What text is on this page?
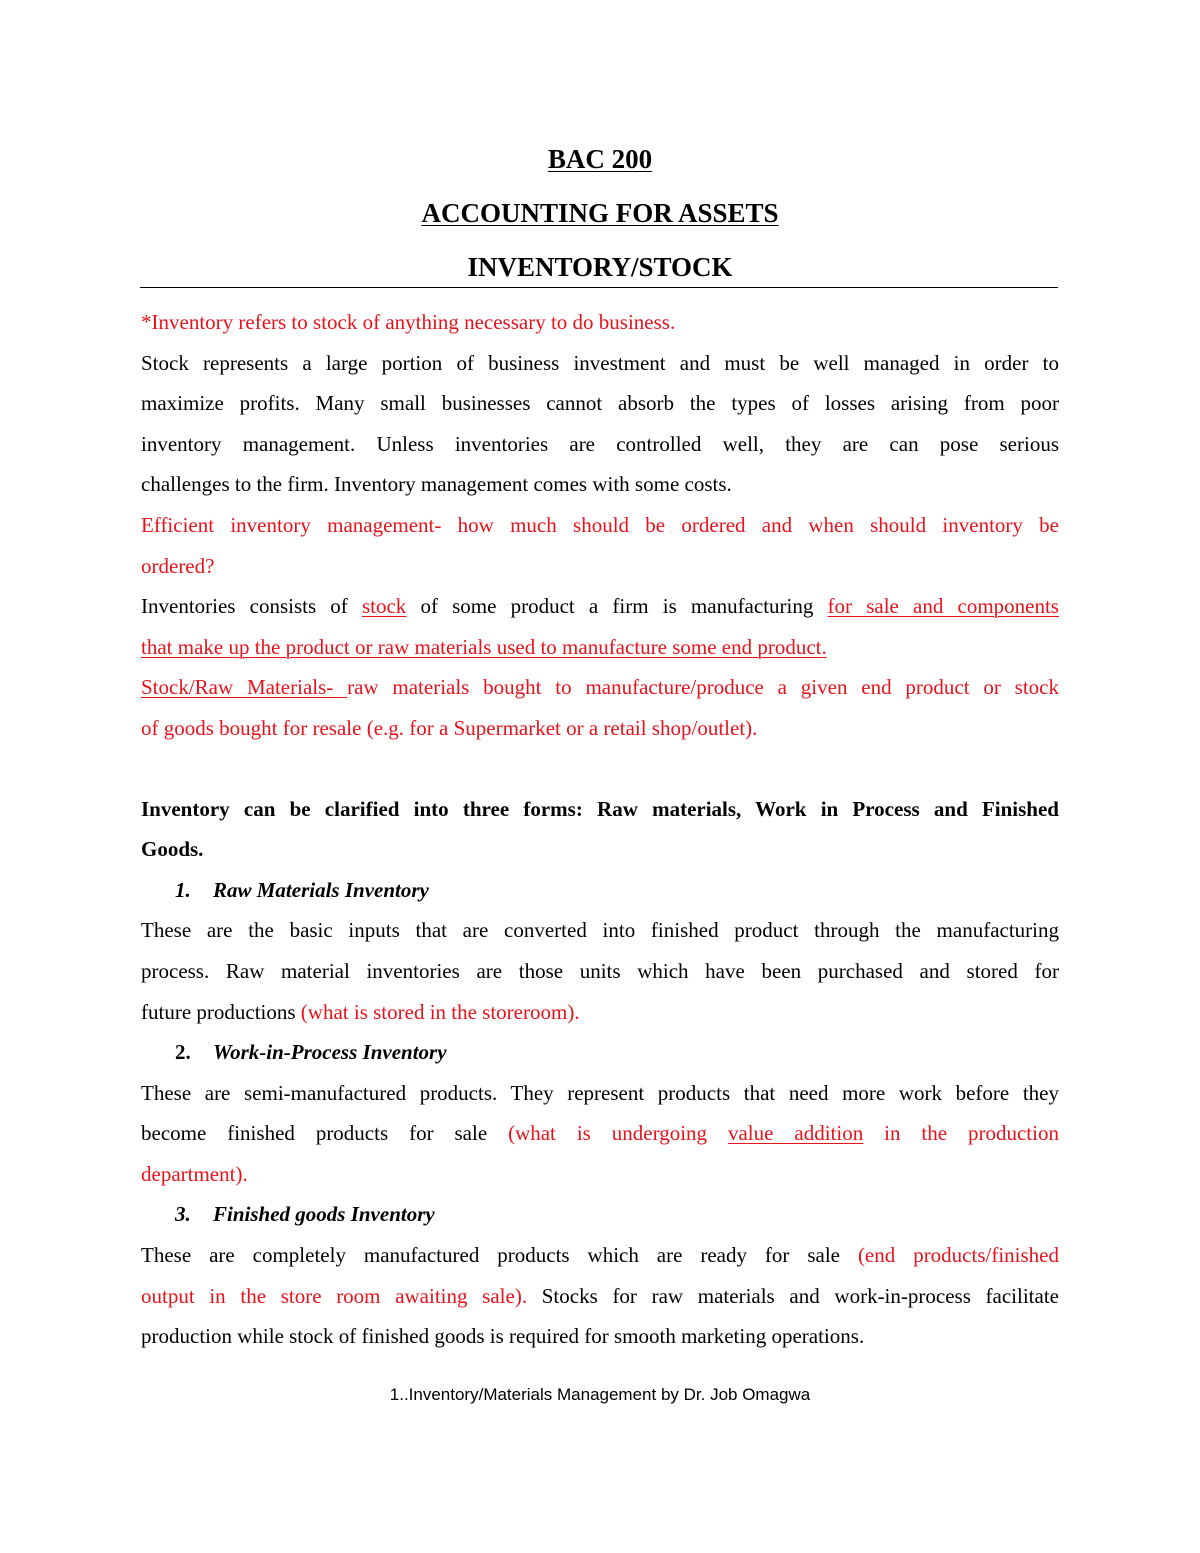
BAC 200
ACCOUNTING FOR ASSETS
INVENTORY/STOCK
*Inventory refers to stock of anything necessary to do business.
Stock represents a large portion of business investment and must be well managed in order to
maximize profits. Many small businesses cannot absorb the types of losses arising from poor
inventory management. Unless inventories are controlled well, they are can pose serious
challenges to the firm. Inventory management comes with some costs.
Efficient inventory management- how much should be ordered and when should inventory be
ordered?
Inventories consists of stock of some product a firm is manufacturing for sale and components
that make up the product or raw materials used to manufacture some end product.
Stock/Raw Materials- raw materials bought to manufacture/produce a given end product or stock
of goods bought for resale (e.g. for a Supermarket or a retail shop/outlet).
Inventory can be clarified into three forms: Raw materials, Work in Process and Finished
Goods.
1. Raw Materials Inventory
These are the basic inputs that are converted into finished product through the manufacturing
process. Raw material inventories are those units which have been purchased and stored for
future productions (what is stored in the storeroom).
2. Work-in-Process Inventory
These are semi-manufactured products. They represent products that need more work before they
become finished products for sale (what is undergoing value addition in the production
department).
3. Finished goods Inventory
These are completely manufactured products which are ready for sale (end products/finished
output in the store room awaiting sale). Stocks for raw materials and work-in-process facilitate
production while stock of finished goods is required for smooth marketing operations.
1..Inventory/Materials Management by Dr. Job Omagwa
